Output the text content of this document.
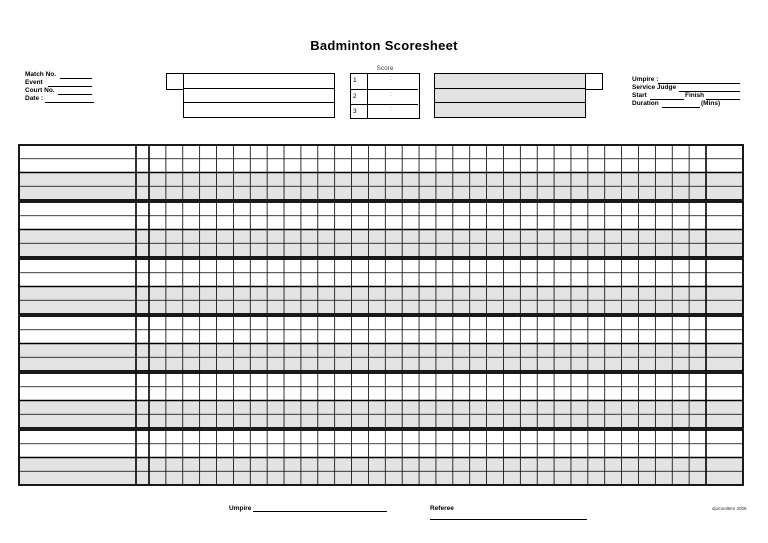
Badminton Scoresheet
Match No.
Event
Court No.
Date :
Score
1	:
2	:
3	:
Umpire :
Service Judge
Start	Finish
Duration	(Mins)
Umpire	Referee	djomnaltem 2009
